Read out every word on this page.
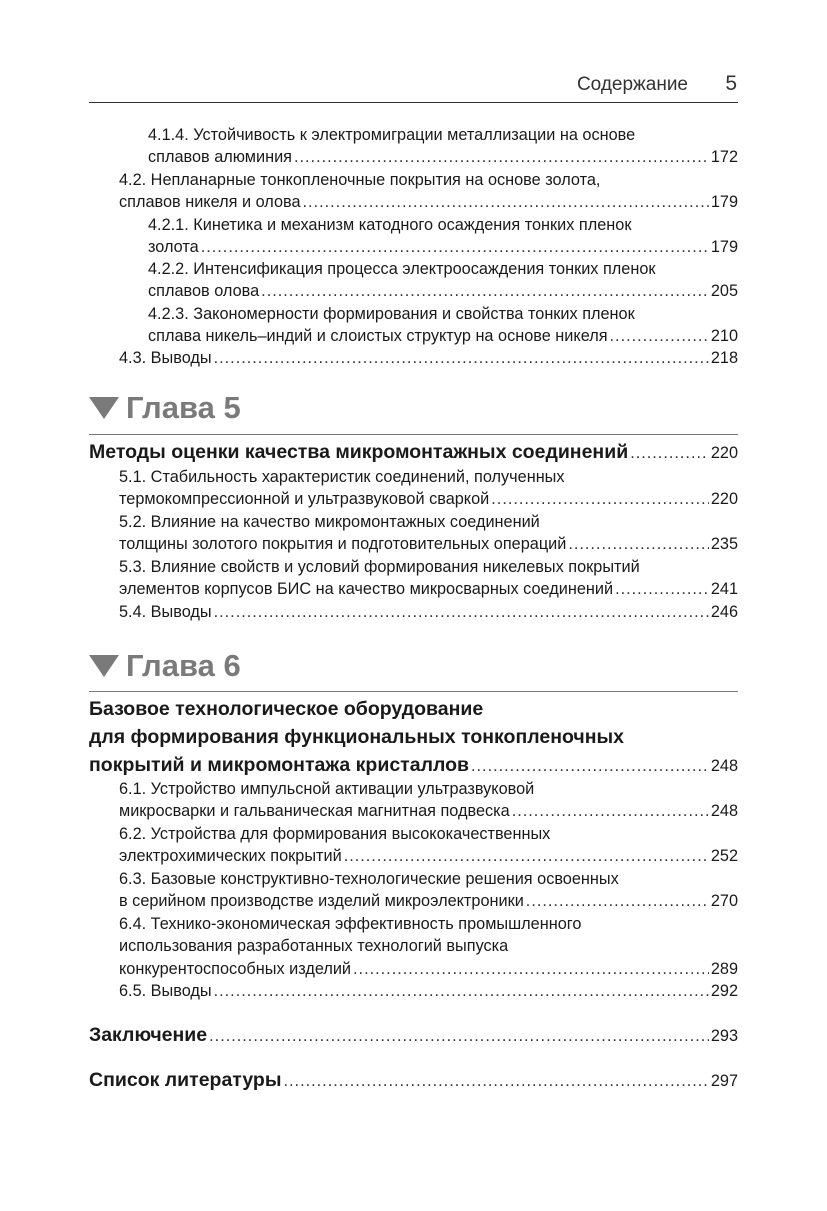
Содержание 5
4.1.4. Устойчивость к электромиграции металлизации на основе
сплавов алюминия .....	172
4.2. Непланарные тонкопленочные покрытия на основе золота,
сплавов никеля и олова .....	179
4.2.1. Кинетика и механизм катодного осаждения тонких пленок
золота .....	179
4.2.2. Интенсификация процесса электроосаждения тонких пленок
сплавов олова .....	205
4.2.3. Закономерности формирования и свойства тонких пленок
сплава никель–индий и слоистых структур на основе никеля .....	210
4.3. Выводы .....	218
Глава 5
Методы оценки качества микромонтажных соединений .....	220
5.1. Стабильность характеристик соединений, полученных
термокомпрессионной и ультразвуковой сваркой .....	220
5.2. Влияние на качество микромонтажных соединений
толщины золотого покрытия и подготовительных операций .....	235
5.3. Влияние свойств и условий формирования никелевых покрытий
элементов корпусов БИС на качество микросварных соединений .....	241
5.4. Выводы .....	246
Глава 6
Базовое технологическое оборудование
для формирования функциональных тонкопленочных
покрытий и микромонтажа кристаллов .....	248
6.1. Устройство импульсной активации ультразвуковой
микросварки и гальваническая магнитная подвеска .....	248
6.2. Устройства для формирования высококачественных
электрохимических покрытий .....	252
6.3. Базовые конструктивно-технологические решения освоенных
в серийном производстве изделий микроэлектроники .....	270
6.4. Технико-экономическая эффективность промышленного
использования разработанных технологий выпуска
конкурентоспособных изделий .....	289
6.5. Выводы .....	292
Заключение .....	293
Список литературы .....	297
